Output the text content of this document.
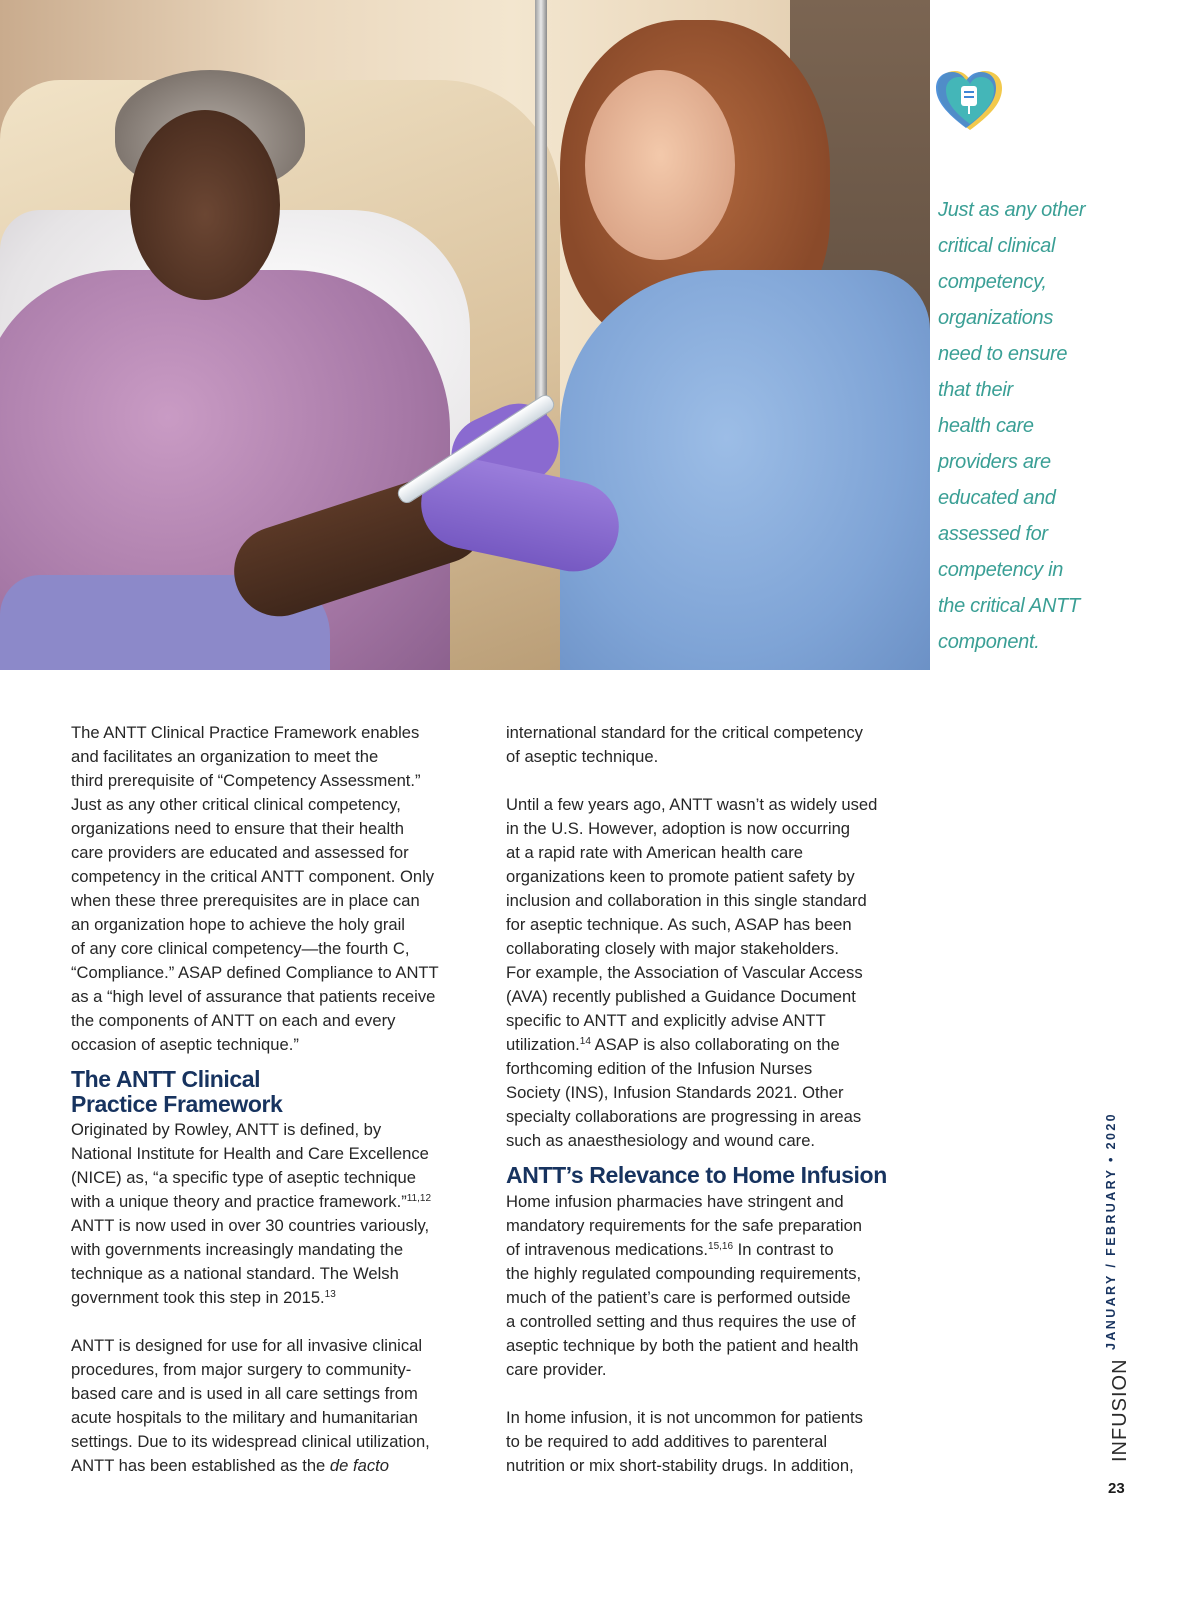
Just as any other
critical clinical
competency,
organizations
need to ensure
that their
health care
providers are
educated and
assessed for
competency in
the critical ANTT
component.
The ANTT Clinical Practice Framework enables
and facilitates an organization to meet the
third prerequisite of “Competency Assessment.”
Just as any other critical clinical competency,
organizations need to ensure that their health
care providers are educated and assessed for
competency in the critical ANTT component. Only
when these three prerequisites are in place can
an organization hope to achieve the holy grail
of any core clinical competency—the fourth C,
“Compliance.” ASAP defined Compliance to ANTT
as a “high level of assurance that patients receive
the components of ANTT on each and every
occasion of aseptic technique.”
The ANTT Clinical
Practice Framework
Originated by Rowley, ANTT is defined, by
National Institute for Health and Care Excellence
(NICE) as, “a specific type of aseptic technique
with a unique theory and practice framework.”$^{11,12}$
ANTT is now used in over 30 countries variously,
with governments increasingly mandating the
technique as a national standard. The Welsh
government took this step in 2015.13
ANTT is designed for use for all invasive clinical
procedures, from major surgery to community-
based care and is used in all care settings from
acute hospitals to the military and humanitarian
settings. Due to its widespread clinical utilization,
ANTT has been established as the de facto
international standard for the critical competency
of aseptic technique.
Until a few years ago, ANTT wasn’t as widely used
in the U.S. However, adoption is now occurring
at a rapid rate with American health care
organizations keen to promote patient safety by
inclusion and collaboration in this single standard
for aseptic technique. As such, ASAP has been
collaborating closely with major stakeholders.
For example, the Association of Vascular Access
(AVA) recently published a Guidance Document
specific to ANTT and explicitly advise ANTT
utilization.$^{14}$ ASAP is also collaborating on the
forthcoming edition of the Infusion Nurses
Society (INS), Infusion Standards 2021. Other
specialty collaborations are progressing in areas
such as anaesthesiology and wound care.
ANTT’s Relevance to Home Infusion
Home infusion pharmacies have stringent and
mandatory requirements for the safe preparation
of intravenous medications.$^{15,16}$ In contrast to
the highly regulated compounding requirements,
much of the patient’s care is performed outside
a controlled setting and thus requires the use of
aseptic technique by both the patient and health
care provider.
In home infusion, it is not uncommon for patients
to be required to add additives to parenteral
nutrition or mix short-stability drugs. In addition,
JANUARY / FEBRUARY • 2020
INFUSION
23
